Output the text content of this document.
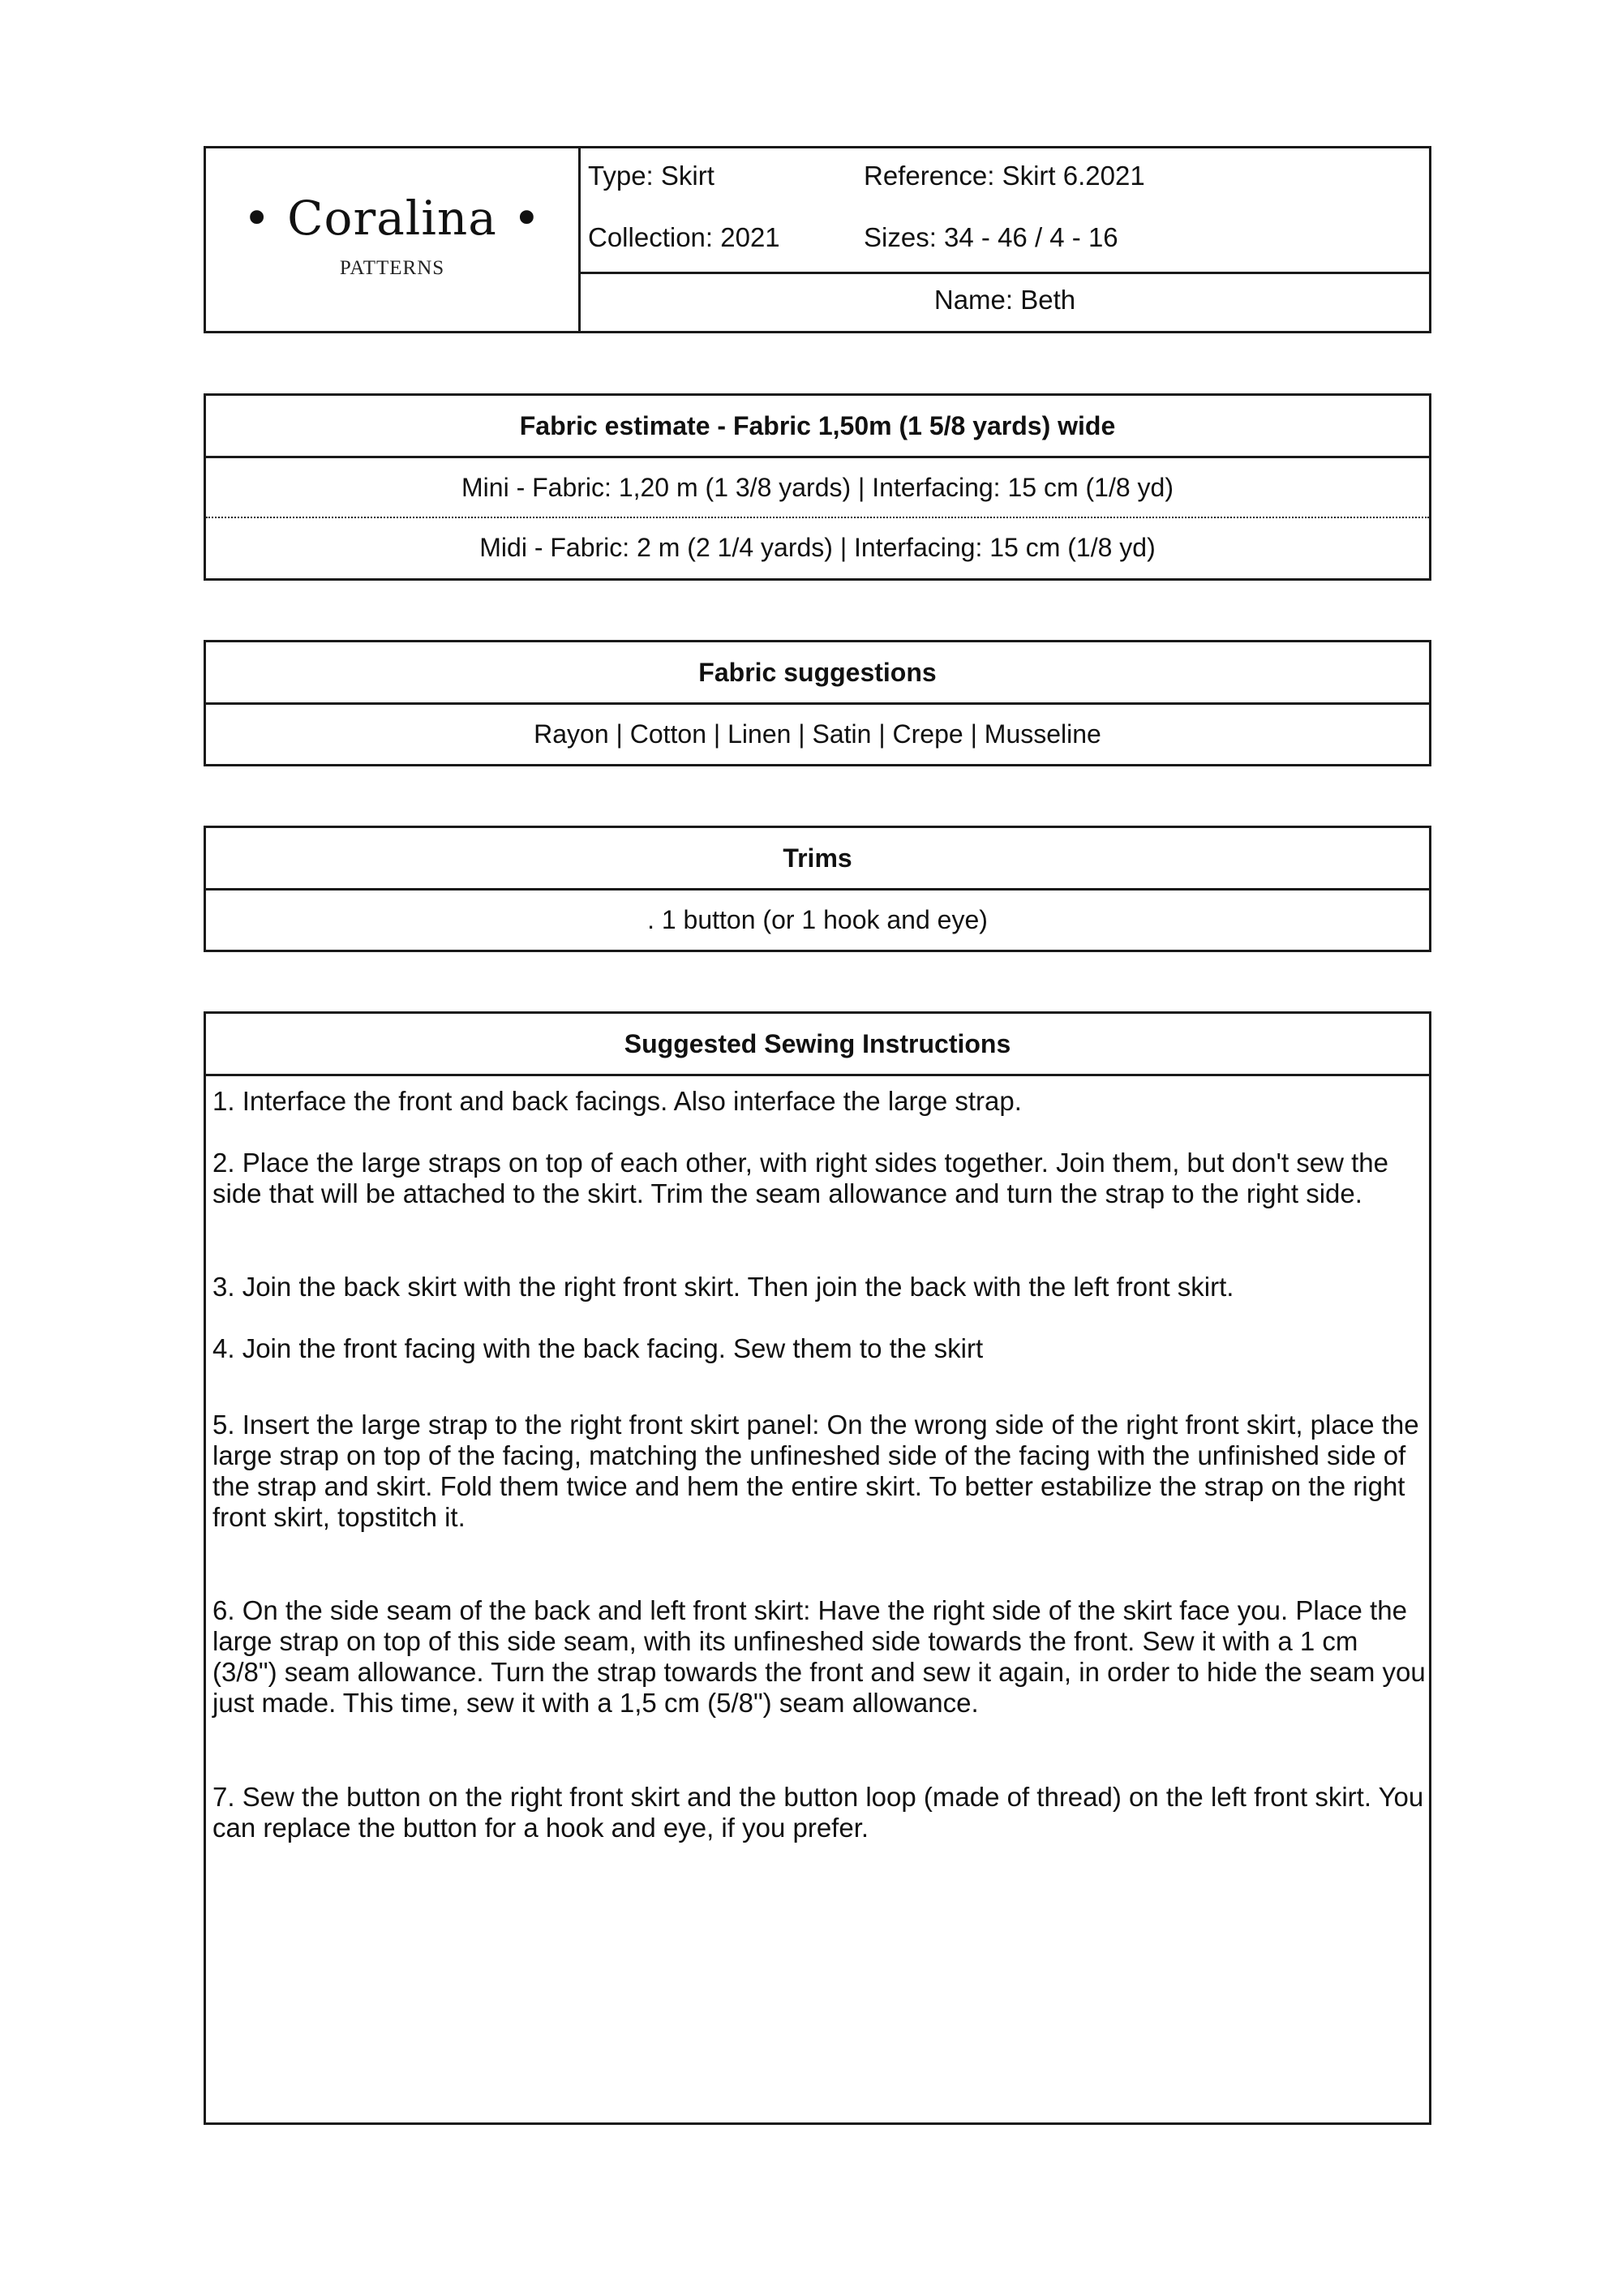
• Coralina •
PATTERNS
Type: Skirt	Reference: Skirt 6.2021
Collection: 2021	Sizes: 34 - 46 / 4 - 16
Name: Beth
Fabric estimate - Fabric 1,50m (1 5/8 yards) wide
Mini - Fabric: 1,20 m (1 3/8 yards) | Interfacing: 15 cm (1/8 yd)
Midi - Fabric: 2 m (2 1/4 yards) | Interfacing: 15 cm (1/8 yd)
Fabric suggestions
Rayon | Cotton | Linen | Satin | Crepe | Musseline
Trims
. 1 button (or 1 hook and eye)
Suggested Sewing Instructions
1. Interface the front and back facings. Also interface the large strap.
2. Place the large straps on top of each other, with right sides together. Join them, but don't sew the side that will be attached to the skirt. Trim the seam allowance and turn the strap to the right side.
3. Join the back skirt with the right front skirt. Then join the back with the left front skirt.
4. Join the front facing with the back facing. Sew them to the skirt
5. Insert the large strap to the right front skirt panel: On the wrong side of the right front skirt, place the large strap on top of the facing, matching the unfineshed side of the facing with the unfinished side of the strap and skirt. Fold them twice and hem the entire skirt. To better estabilize the strap on the right front skirt, topstitch it.
6. On the side seam of the back and left front skirt: Have the right side of the skirt face you. Place the large strap on top of this side seam, with its unfineshed side towards the front. Sew it with a 1 cm (3/8") seam allowance. Turn the strap towards the front and sew it again, in order to hide the seam you just made. This time, sew it with a 1,5 cm (5/8") seam allowance.
7. Sew the button on the right front skirt and the button loop (made of thread) on the left front skirt. You can replace the button for a hook and eye, if you prefer.
